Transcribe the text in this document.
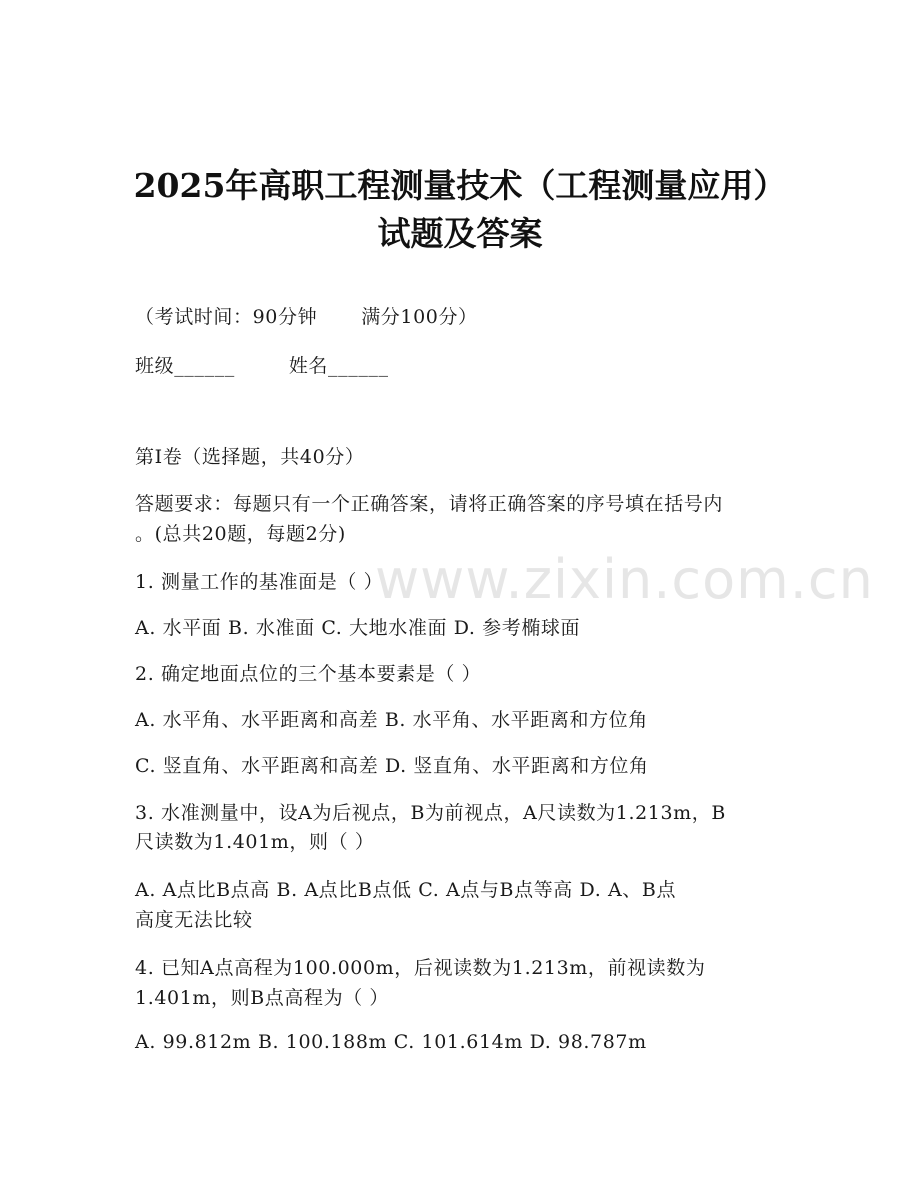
2025年高职工程测量技术（工程测量应用）
试题及答案
（考试时间：90分钟 满分100分）
班级______	姓名______
www.zixin.com.cn
第I卷（选择题，共40分）
答题要求：每题只有一个正确答案，请将正确答案的序号填在括号内
。(总共20题，每题2分)
1. 测量工作的基准面是（ ）
A. 水平面 B. 水准面 C. 大地水准面 D. 参考椭球面
2. 确定地面点位的三个基本要素是（ ）
A. 水平角、水平距离和高差 B. 水平角、水平距离和方位角
C. 竖直角、水平距离和高差 D. 竖直角、水平距离和方位角
3. 水准测量中，设A为后视点，B为前视点，A尺读数为1.213m，B
尺读数为1.401m，则（ ）
A. A点比B点高 B. A点比B点低 C. A点与B点等高 D. A、B点
高度无法比较
4. 已知A点高程为100.000m，后视读数为1.213m，前视读数为
1.401m，则B点高程为（ ）
A. 99.812m B. 100.188m C. 101.614m D. 98.787m
